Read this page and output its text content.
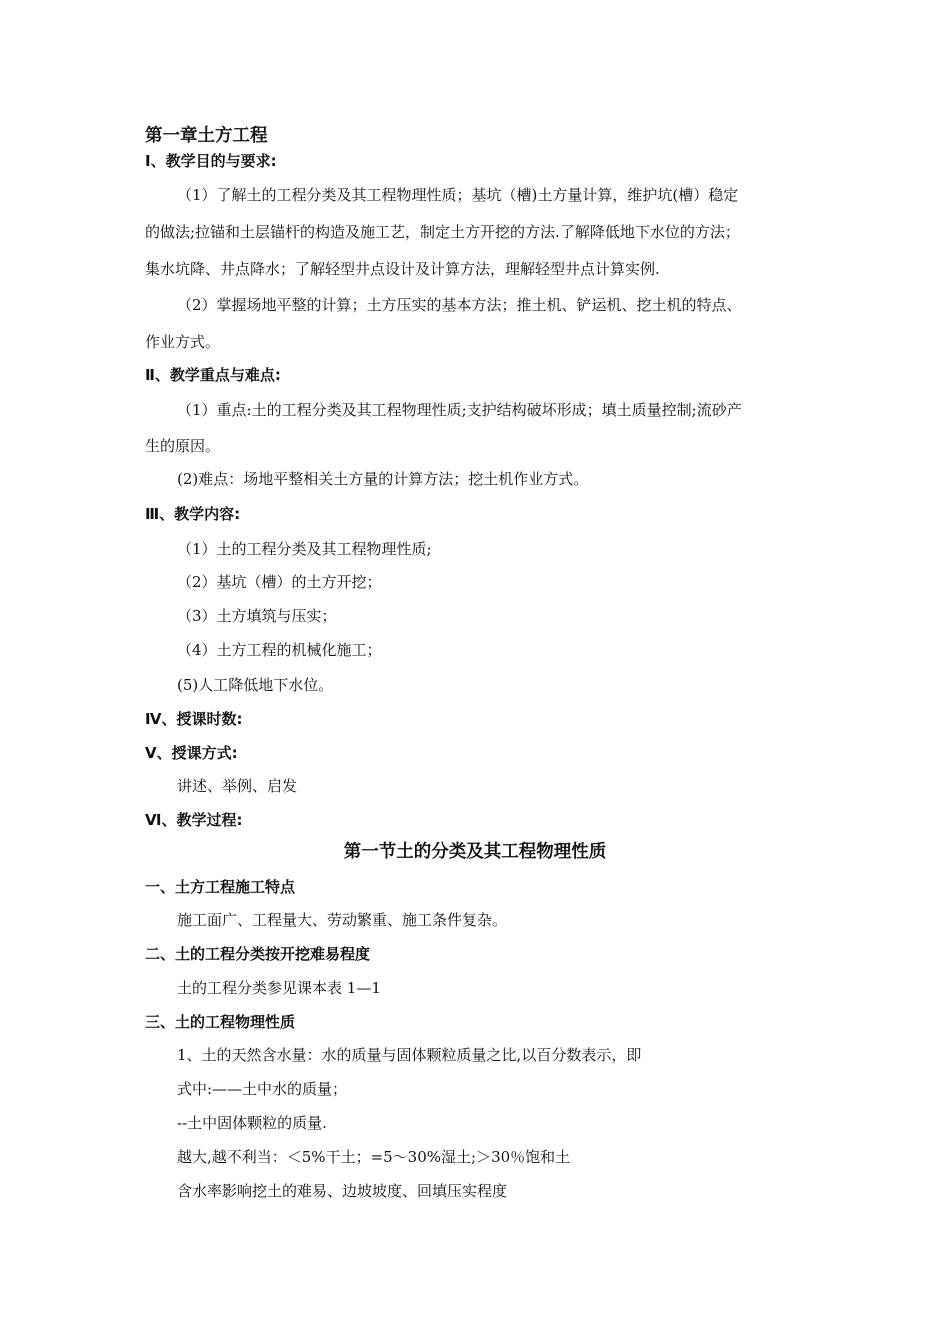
第一章土方工程
Ⅰ、教学目的与要求:
（1）了解土的工程分类及其工程物理性质；基坑（槽)土方量计算，维护坑(槽）稳定
的做法;拉锚和土层锚杆的构造及施工艺，制定土方开挖的方法.了解降低地下水位的方法；
集水坑降、井点降水；了解轻型井点设计及计算方法，理解轻型井点计算实例.
（2）掌握场地平整的计算；土方压实的基本方法；推土机、铲运机、挖土机的特点、
作业方式。
Ⅱ、教学重点与难点:
（1）重点:土的工程分类及其工程物理性质;支护结构破坏形成；填土质量控制;流砂产
生的原因。
(2)难点：场地平整相关土方量的计算方法；挖土机作业方式。
Ⅲ、教学内容:
（1）土的工程分类及其工程物理性质;
（2）基坑（槽）的土方开挖；
（3）土方填筑与压实；
（4）土方工程的机械化施工；
(5)人工降低地下水位。
Ⅳ、授课时数:
Ⅴ、授课方式:
讲述、举例、启发
Ⅵ、教学过程:
第一节土的分类及其工程物理性质
一、土方工程施工特点
施工面广、工程量大、劳动繁重、施工条件复杂。
二、土的工程分类按开挖难易程度
土的工程分类参见课本表 1—1
三、土的工程物理性质
1、土的天然含水量：水的质量与固体颗粒质量之比,以百分数表示，即
式中:——土中水的质量；
--土中固体颗粒的质量.
越大,越不利当：＜5%干土；=5～30%湿土;＞30％饱和土
含水率影响挖土的难易、边坡坡度、回填压实程度
